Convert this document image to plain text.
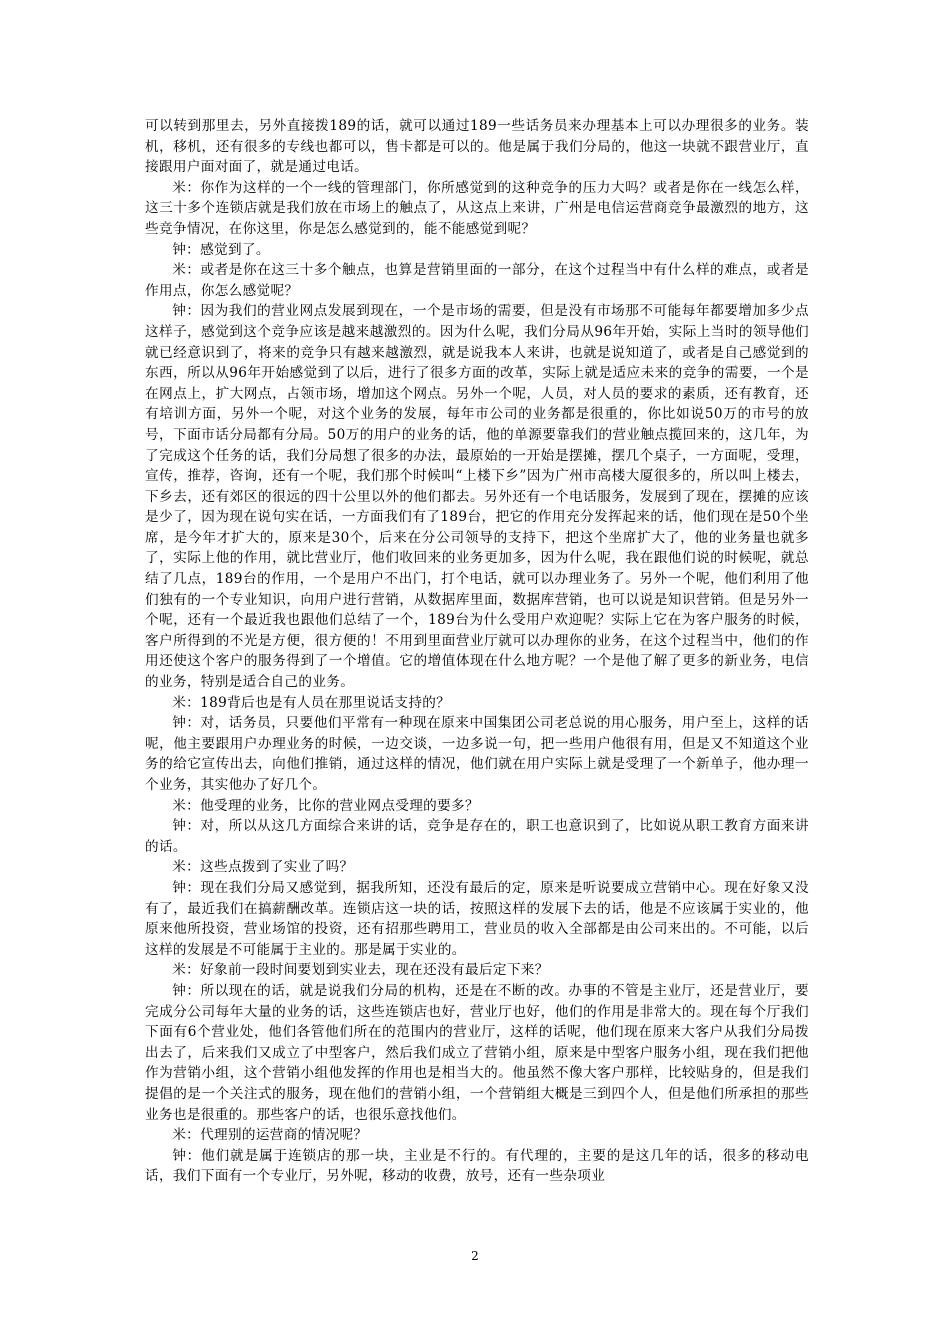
可以转到那里去，另外直接拨189的话，就可以通过189一些话务员来办理基本上可以办理很多的业务。装机，移机，还有很多的专线也都可以，售卡都是可以的。他是属于我们分局的，他这一块就不跟营业厅，直接跟用户面对面了，就是通过电话。

米：你作为这样的一个一线的管理部门，你所感觉到的这种竞争的压力大吗？或者是你在一线怎么样，这三十多个连锁店就是我们放在市场上的触点了，从这点上来讲，广州是电信运营商竞争最激烈的地方，这些竞争情况，在你这里，你是怎么感觉到的，能不能感觉到呢？

钟：感觉到了。

米：或者是你在这三十多个触点，也算是营销里面的一部分，在这个过程当中有什么样的难点，或者是作用点，你怎么感觉呢？

钟：因为我们的营业网点发展到现在，一个是市场的需要，但是没有市场那不可能每年都要增加多少点这样子，感觉到这个竞争应该是越来越激烈的。因为什么呢，我们分局从96年开始，实际上当时的领导他们就已经意识到了，将来的竞争只有越来越激烈，就是说我本人来讲，也就是说知道了，或者是自己感觉到的东西，所以从96年开始感觉到了以后，进行了很多方面的改革，实际上就是适应未来的竞争的需要，一个是在网点上，扩大网点，占领市场，增加这个网点。另外一个呢，人员，对人员的要求的素质，还有教育，还有培训方面，另外一个呢，对这个业务的发展，每年市公司的业务都是很重的，你比如说50万的市号的放号，下面市话分局都有分局。50万的用户的业务的话，他的单源要靠我们的营业触点揽回来的，这几年，为了完成这个任务的话，我们分局想了很多的办法，最原始的一开始是摆摊，摆几个桌子，一方面呢，受理，宣传，推荐，咨询，还有一个呢，我们那个时候叫“上楼下乡”因为广州市高楼大厦很多的，所以叫上楼去，下乡去，还有郊区的很远的四十公里以外的他们都去。另外还有一个电话服务，发展到了现在，摆摊的应该是少了，因为现在说句实在话，一方面我们有了189台，把它的作用充分发挥起来的话，他们现在是50个坐席，是今年才扩大的，原来是30个，后来在分公司领导的支持下，把这个坐席扩大了，他的业务量也就多了，实际上他的作用，就比营业厅，他们收回来的业务更加多，因为什么呢，我在跟他们说的时候呢，就总结了几点，189台的作用，一个是用户不出门，打个电话，就可以办理业务了。另外一个呢，他们利用了他们独有的一个专业知识，向用户进行营销，从数据库里面，数据库营销，也可以说是知识营销。但是另外一个呢，还有一个最近我也跟他们总结了一个，189台为什么受用户欢迎呢？实际上它在为客户服务的时候，客户所得到的不光是方便，很方便的！不用到里面营业厅就可以办理你的业务，在这个过程当中，他们的作用还使这个客户的服务得到了一个增值。它的增值体现在什么地方呢？一个是他了解了更多的新业务，电信的业务，特别是适合自己的业务。

米：189背后也是有人员在那里说话支持的？

钟：对，话务员，只要他们平常有一种现在原来中国集团公司老总说的用心服务，用户至上，这样的话呢，他主要跟用户办理业务的时候，一边交谈，一边多说一句，把一些用户他很有用，但是又不知道这个业务的给它宣传出去，向他们推销，通过这样的情况，他们就在用户实际上就是受理了一个新单子，他办理一个业务，其实他办了好几个。

米：他受理的业务，比你的营业网点受理的要多？

钟：对，所以从这几方面综合来讲的话，竞争是存在的，职工也意识到了，比如说从职工教育方面来讲的话。

米：这些点拨到了实业了吗？

钟：现在我们分局又感觉到，据我所知，还没有最后的定，原来是听说要成立营销中心。现在好象又没有了，最近我们在搞薪酬改革。连锁店这一块的话，按照这样的发展下去的话，他是不应该属于实业的，他原来他所投资，营业场馆的投资，还有招那些聘用工，营业员的收入全部都是由公司来出的。不可能，以后这样的发展是不可能属于主业的。那是属于实业的。

米：好象前一段时间要划到实业去，现在还没有最后定下来？

钟：所以现在的话，就是说我们分局的机构，还是在不断的改。办事的不管是主业厅，还是营业厅，要完成分公司每年大量的业务的话，这些连锁店也好，营业厅也好，他们的作用是非常大的。现在每个厅我们下面有6个营业处，他们各管他们所在的范围内的营业厅，这样的话呢，他们现在原来大客户从我们分局拨出去了，后来我们又成立了中型客户，然后我们成立了营销小组，原来是中型客户服务小组，现在我们把他作为营销小组，这个营销小组他发挥的作用也是相当大的。他虽然不像大客户那样，比较贴身的，但是我们提倡的是一个关注式的服务，现在他们的营销小组，一个营销组大概是三到四个人，但是他们所承担的那些业务也是很重的。那些客户的话，也很乐意找他们。

米：代理别的运营商的情况呢？

钟：他们就是属于连锁店的那一块，主业是不行的。有代理的，主要的是这几年的话，很多的移动电话，我们下面有一个专业厅，另外呢，移动的收费，放号，还有一些杂项业

2
